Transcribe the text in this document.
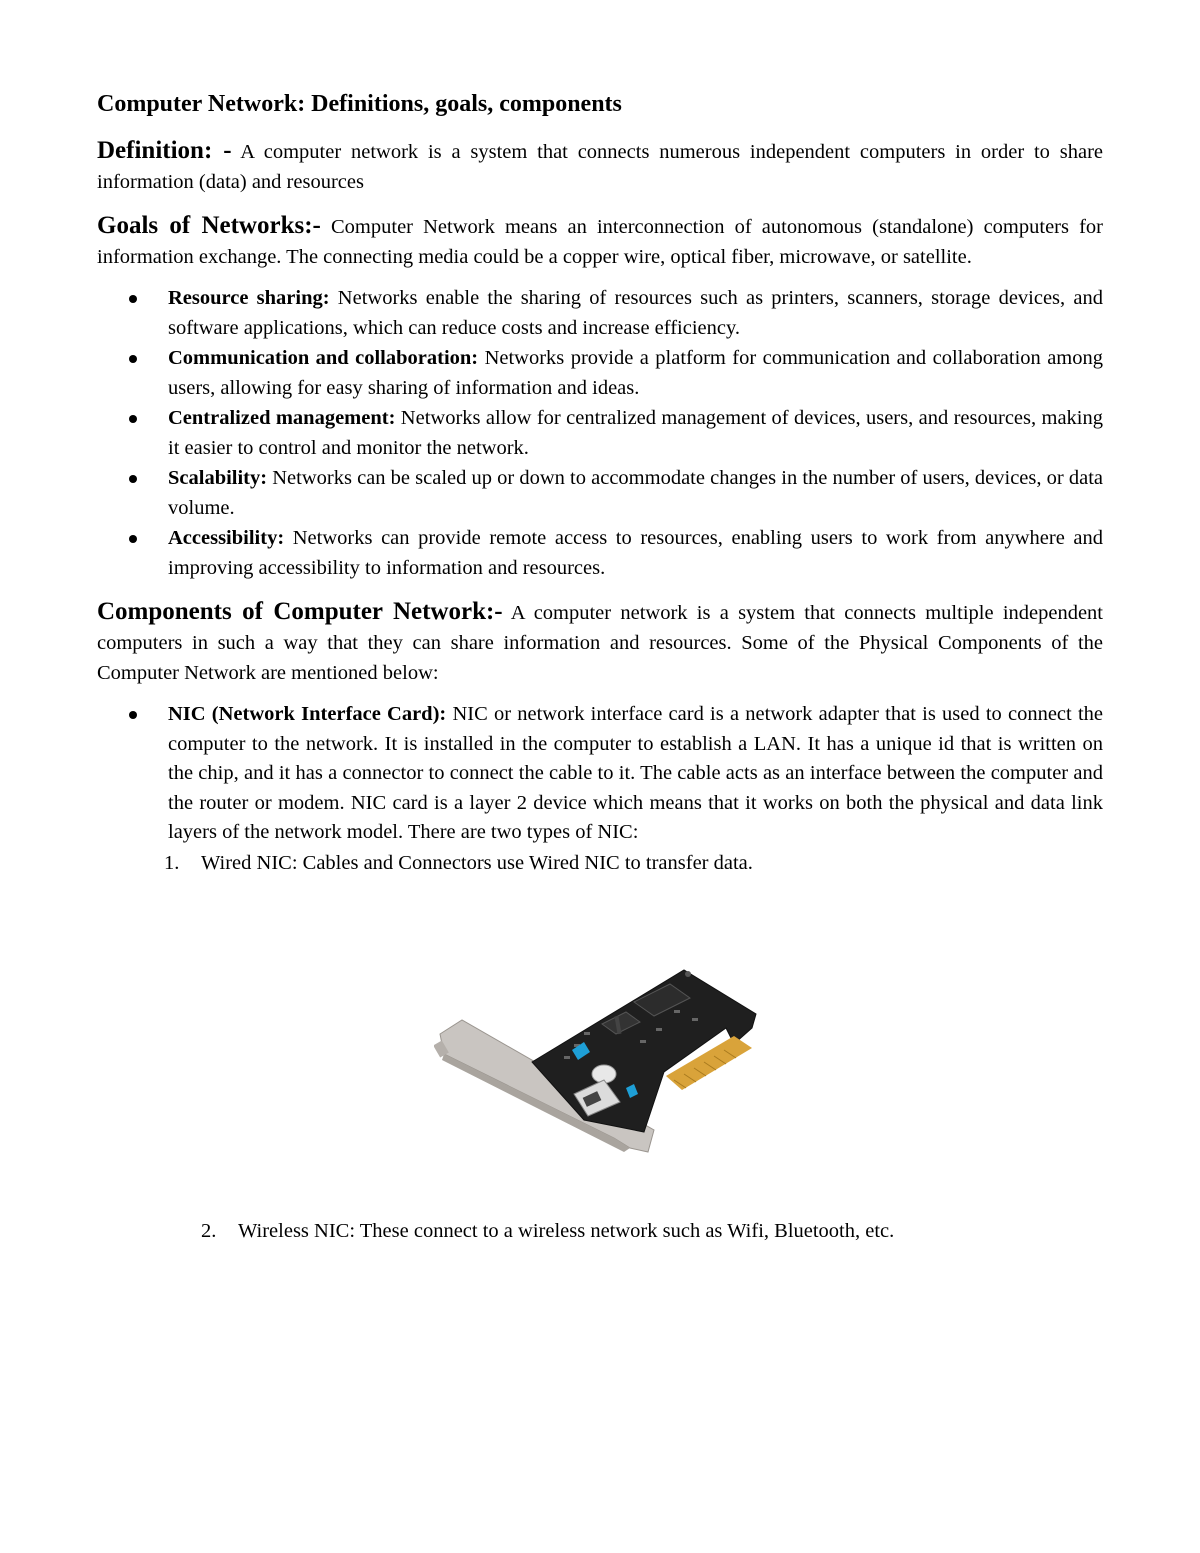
Computer Network: Definitions, goals, components

Definition: - A computer network is a system that connects numerous independent computers in order to share information (data) and resources

Goals of Networks:- Computer Network means an interconnection of autonomous (standalone) computers for information exchange. The connecting media could be a copper wire, optical fiber, microwave, or satellite.

Resource sharing: Networks enable the sharing of resources such as printers, scanners, storage devices, and software applications, which can reduce costs and increase efficiency.
Communication and collaboration: Networks provide a platform for communication and collaboration among users, allowing for easy sharing of information and ideas.
Centralized management: Networks allow for centralized management of devices, users, and resources, making it easier to control and monitor the network.
Scalability: Networks can be scaled up or down to accommodate changes in the number of users, devices, or data volume.
Accessibility: Networks can provide remote access to resources, enabling users to work from anywhere and improving accessibility to information and resources.

Components of Computer Network:- A computer network is a system that connects multiple independent computers in such a way that they can share information and resources. Some of the Physical Components of the Computer Network are mentioned below:

NIC (Network Interface Card): NIC or network interface card is a network adapter that is used to connect the computer to the network. It is installed in the computer to establish a LAN. It has a unique id that is written on the chip, and it has a connector to connect the cable to it. The cable acts as an interface between the computer and the router or modem. NIC card is a layer 2 device which means that it works on both the physical and data link layers of the network model. There are two types of NIC:
1. Wired NIC: Cables and Connectors use Wired NIC to transfer data.
2. Wireless NIC: These connect to a wireless network such as Wifi, Bluetooth, etc.
